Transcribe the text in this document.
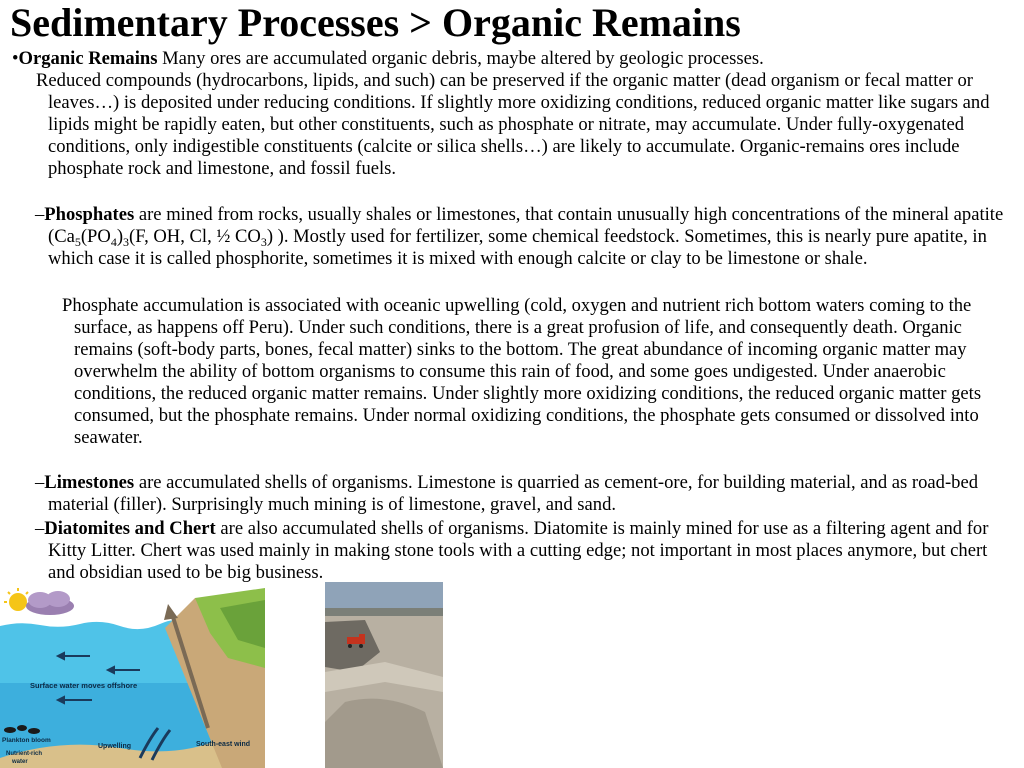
Sedimentary Processes > Organic Remains

•Organic Remains Many ores are accumulated organic debris, maybe altered by geologic processes.

Reduced compounds (hydrocarbons, lipids, and such) can be preserved if the organic matter (dead organism or fecal matter or leaves…) is deposited under reducing conditions. If slightly more oxidizing conditions, reduced organic matter like sugars and lipids might be rapidly eaten, but other constituents, such as phosphate or nitrate, may accumulate. Under fully-oxygenated conditions, only indigestible constituents (calcite or silica shells…) are likely to accumulate. Organic-remains ores include phosphate rock and limestone, and fossil fuels.

–Phosphates are mined from rocks, usually shales or limestones, that contain unusually high concentrations of the mineral apatite ($Ca_5(PO_4)_3(F$, OH, Cl, ½ $CO_3$) ). Mostly used for fertilizer, some chemical feedstock. Sometimes, this is nearly pure apatite, in which case it is called phosphorite, sometimes it is mixed with enough calcite or clay to be limestone or shale.

Phosphate accumulation is associated with oceanic upwelling (cold, oxygen and nutrient rich bottom waters coming to the surface, as happens off Peru). Under such conditions, there is a great profusion of life, and consequently death. Organic remains (soft-body parts, bones, fecal matter) sinks to the bottom. The great abundance of incoming organic matter may overwhelm the ability of bottom organisms to consume this rain of food, and some goes undigested. Under anaerobic conditions, the reduced organic matter remains. Under slightly more oxidizing conditions, the reduced organic matter gets consumed, but the phosphate remains. Under normal oxidizing conditions, the phosphate gets consumed or dissolved into seawater.

–Limestones are accumulated shells of organisms. Limestone is quarried as cement-ore, for building material, and as road-bed material (filler). Surprisingly much mining is of limestone, gravel, and sand.

–Diatomites and Chert are also accumulated shells of organisms. Diatomite is mainly mined for use as a filtering agent and for Kitty Litter. Chert was used mainly in making stone tools with a cutting edge; not important in most places anymore, but chert and obsidian used to be big business.

Surface water moves offshore
Plankton bloom
Upwelling	South-east wind
Nutrient-rich
water
